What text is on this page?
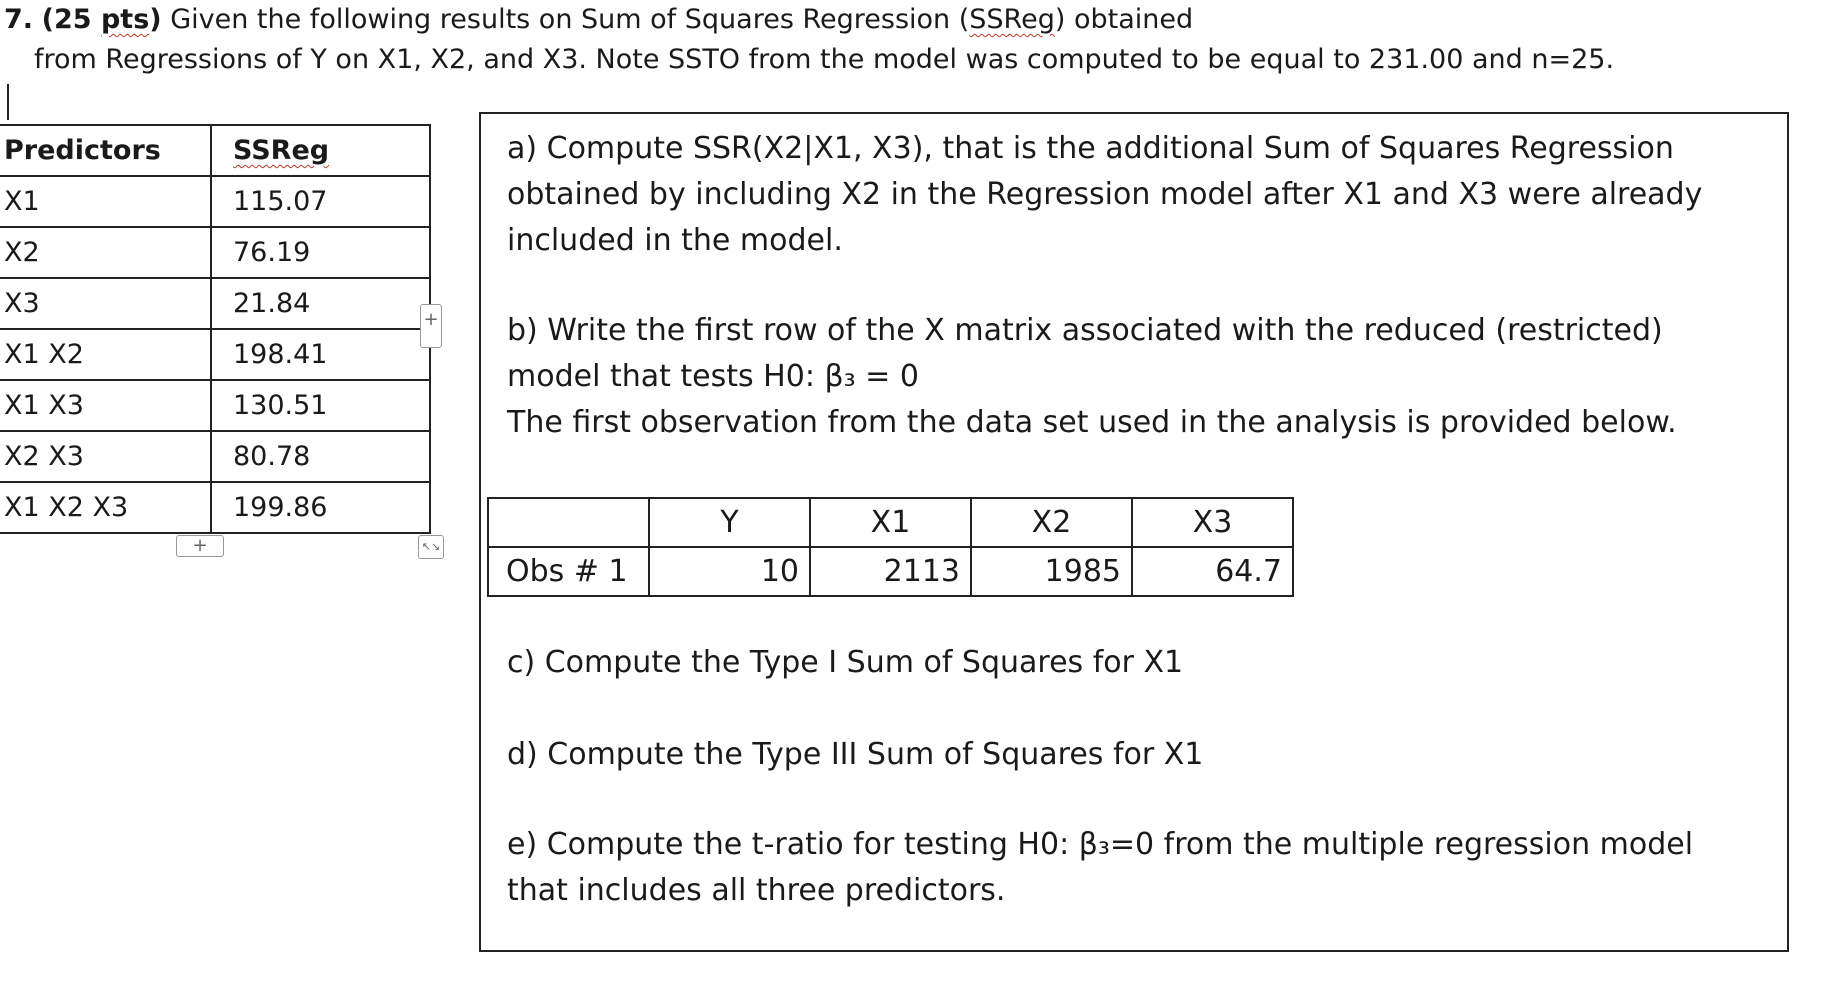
7. (25 pts) Given the following results on Sum of Squares Regression (SSReg) obtained
from Regressions of Y on X1, X2, and X3. Note SSTO from the model was computed to be equal to 231.00 and n=25.
Predictors	SSReg
X1	115.07
X2	76.19
X3	21.84
X1 X2	198.41
X1 X3	130.51
X2 X3	80.78
X1 X2 X3	199.86
+
+	↖↘
a) Compute SSR(X2|X1, X3), that is the additional Sum of Squares Regression
obtained by including X2 in the Regression model after X1 and X3 were already
included in the model.
b) Write the first row of the X matrix associated with the reduced (restricted)
model that tests H0: β₃ = 0
The first observation from the data set used in the analysis is provided below.
	Y	X1	X2	X3
Obs # 1	10	2113	1985	64.7
c) Compute the Type I Sum of Squares for X1
d) Compute the Type III Sum of Squares for X1
e) Compute the t-ratio for testing H0: β₃=0 from the multiple regression model
that includes all three predictors.
